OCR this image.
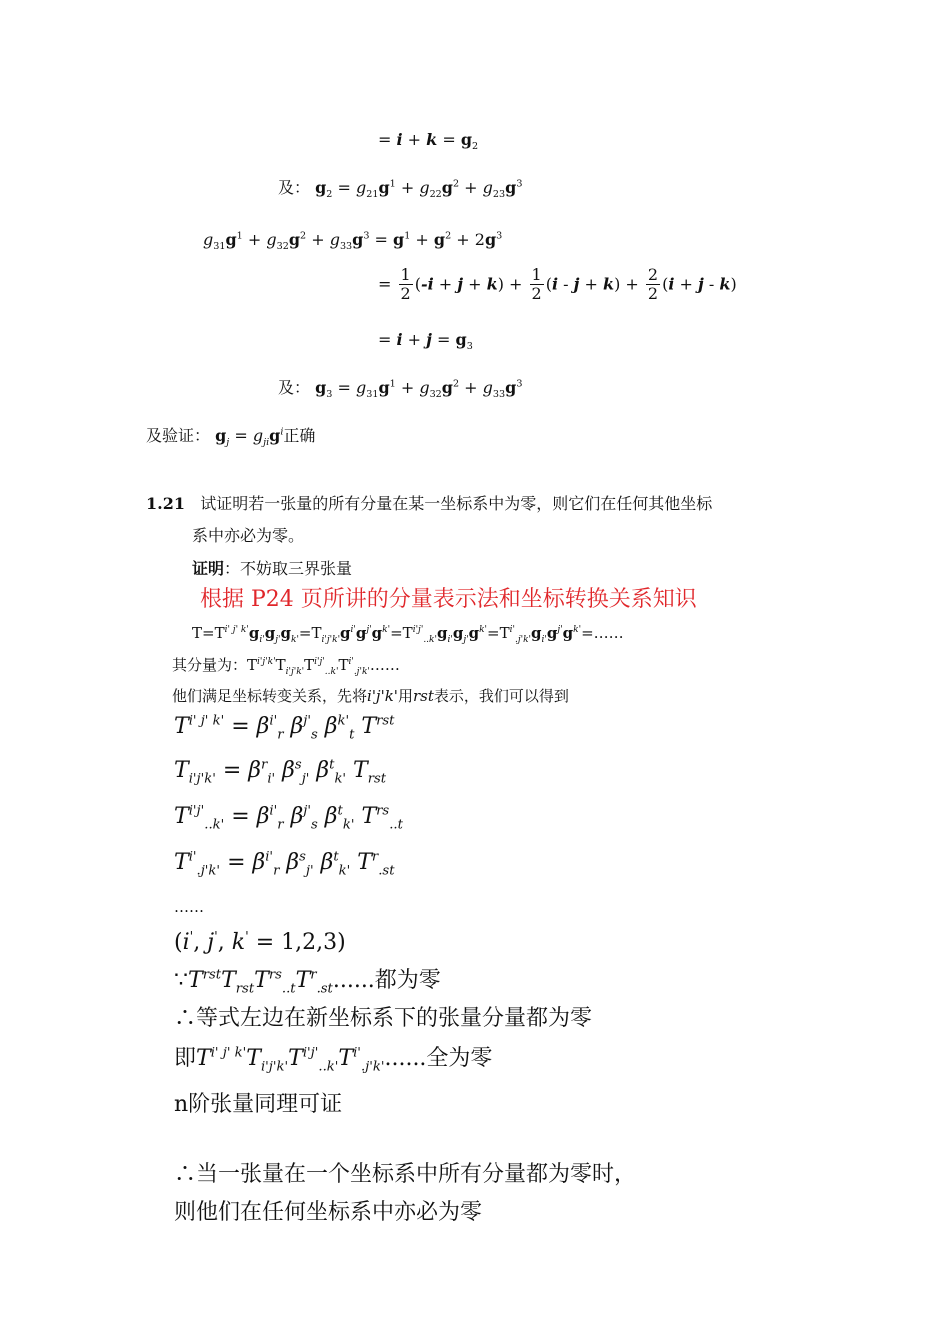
= $i + k = g_2$
及： $g_2 = g_{21}g^1 + g_{22}g^2 + g_{23}g^3$
$g_{31}g^1 + g_{32}g^2 + g_{33}g^3 = g^1 + g^2 + 2g^3$
= $\frac{1}{2} (-i + j + k) + \frac{1}{2} (i - j + k) + \frac{2}{2} (i + j - k)$
= $i + j = g_3$
及： $g_3 = g_{31}g^1 + g_{32}g^2 + g_{33}g^3$
及验证： $g_j = g_{ji}g^i$正确
1.21 试证明若一张量的所有分量在某一坐标系中为零，则它们在任何其他坐标
系中亦必为零。
证明：不妨取三界张量
根据 P24 页所讲的分量表示法和坐标转换关系知识
$T=T^{i' j' k'}g_{i'}g_{j'}g_{k'}=T_{i'j'k'}g^{i'}g^{j'}g^{k'}=T^{i'j'}_{..k'}g_{i'}g_{j'}g^{k'}=T^{i'}_{.j'k'}g_{i'}g^{j'}g^{k'}=\dots\dots$
其分量为：$T^{i'j'k'}T_{i'j'k'}T^{i'j'}_{..k'}T^{i'}_{.j'k'}\dots\dots$
他们满足坐标转变关系，先将i'j'k'用rst表示，我们可以得到
$T^{i' j' k'} = \beta^{i'}_r$ $\beta^{j'}_s$ $\beta^{k'}_t$ $T^{rst}$
$T_{i'j'k'} = \beta^r_{i'}$ $\beta^s_{j'}$ $\beta^t_{k'}$ $T_{rst}$
$T^{i'j'}_{..k'} = \beta^{i'}_r$ $\beta^{j'}_s$ $\beta^t_{k'}$ $T^{rs}_{..t}$
$T^{i'}_{.j'k'} = \beta^{i'}_r$ $\beta^s_{j'}$ $\beta^t_{k'}$ $T^r_{.st}$
……
(i', j', k' = 1,2,3)
$\because T^{rst}T_{rst}T^{rs}_{..t}T^r_{.st}$......都为零
∴等式左边在新坐标系下的张量分量都为零
即$T^{i' j' k'}T_{i'j'k'}T^{i'j'}_{..k'}T^{i'}_{.j'k'}$......全为零
n阶张量同理可证
∴当一张量在一个坐标系中所有分量都为零时，
则他们在任何坐标系中亦必为零
